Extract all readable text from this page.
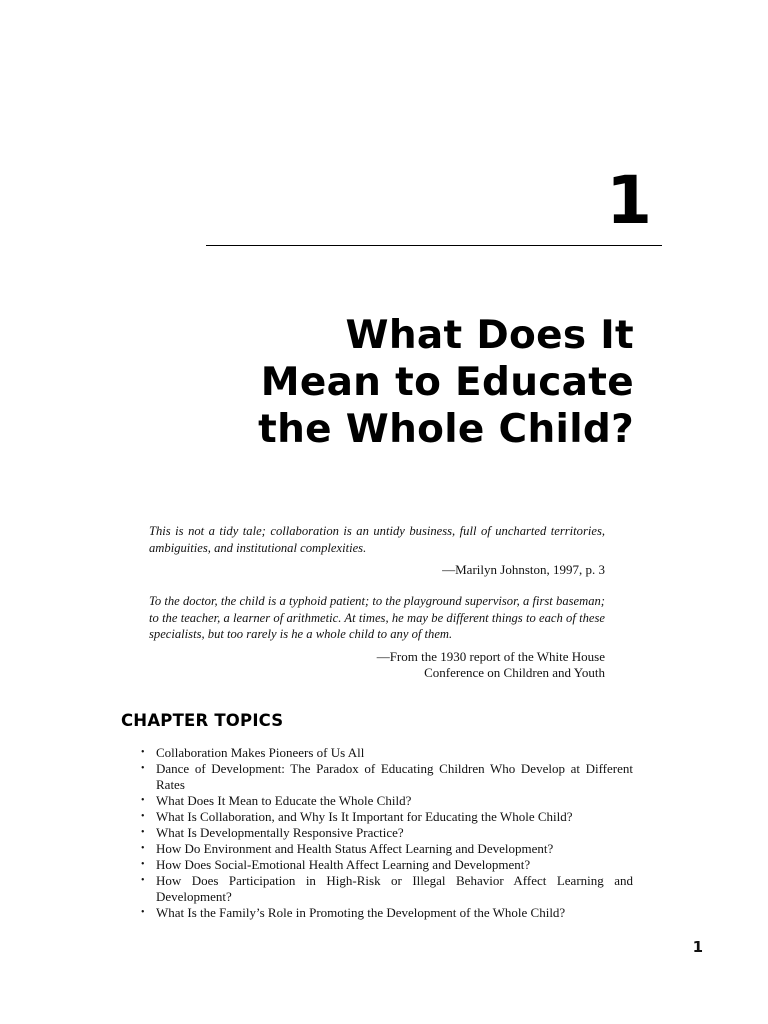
1
What Does It
Mean to Educate
the Whole Child?

This is not a tidy tale; collaboration is an untidy business, full of uncharted territories, ambiguities, and institutional complexities.

—Marilyn Johnston, 1997, p. 3

To the doctor, the child is a typhoid patient; to the playground supervisor, a first baseman; to the teacher, a learner of arithmetic. At times, he may be different things to each of these specialists, but too rarely is he a whole child to any of them.

—From the 1930 report of the White House
Conference on Children and Youth

CHAPTER TOPICS
• Collaboration Makes Pioneers of Us All
• Dance of Development: The Paradox of Educating Children Who Develop at Different Rates
• What Does It Mean to Educate the Whole Child?
• What Is Collaboration, and Why Is It Important for Educating the Whole Child?
• What Is Developmentally Responsive Practice?
• How Do Environment and Health Status Affect Learning and Development?
• How Does Social-Emotional Health Affect Learning and Development?
• How Does Participation in High-Risk or Illegal Behavior Affect Learning and Development?
• What Is the Family’s Role in Promoting the Development of the Whole Child?
1
